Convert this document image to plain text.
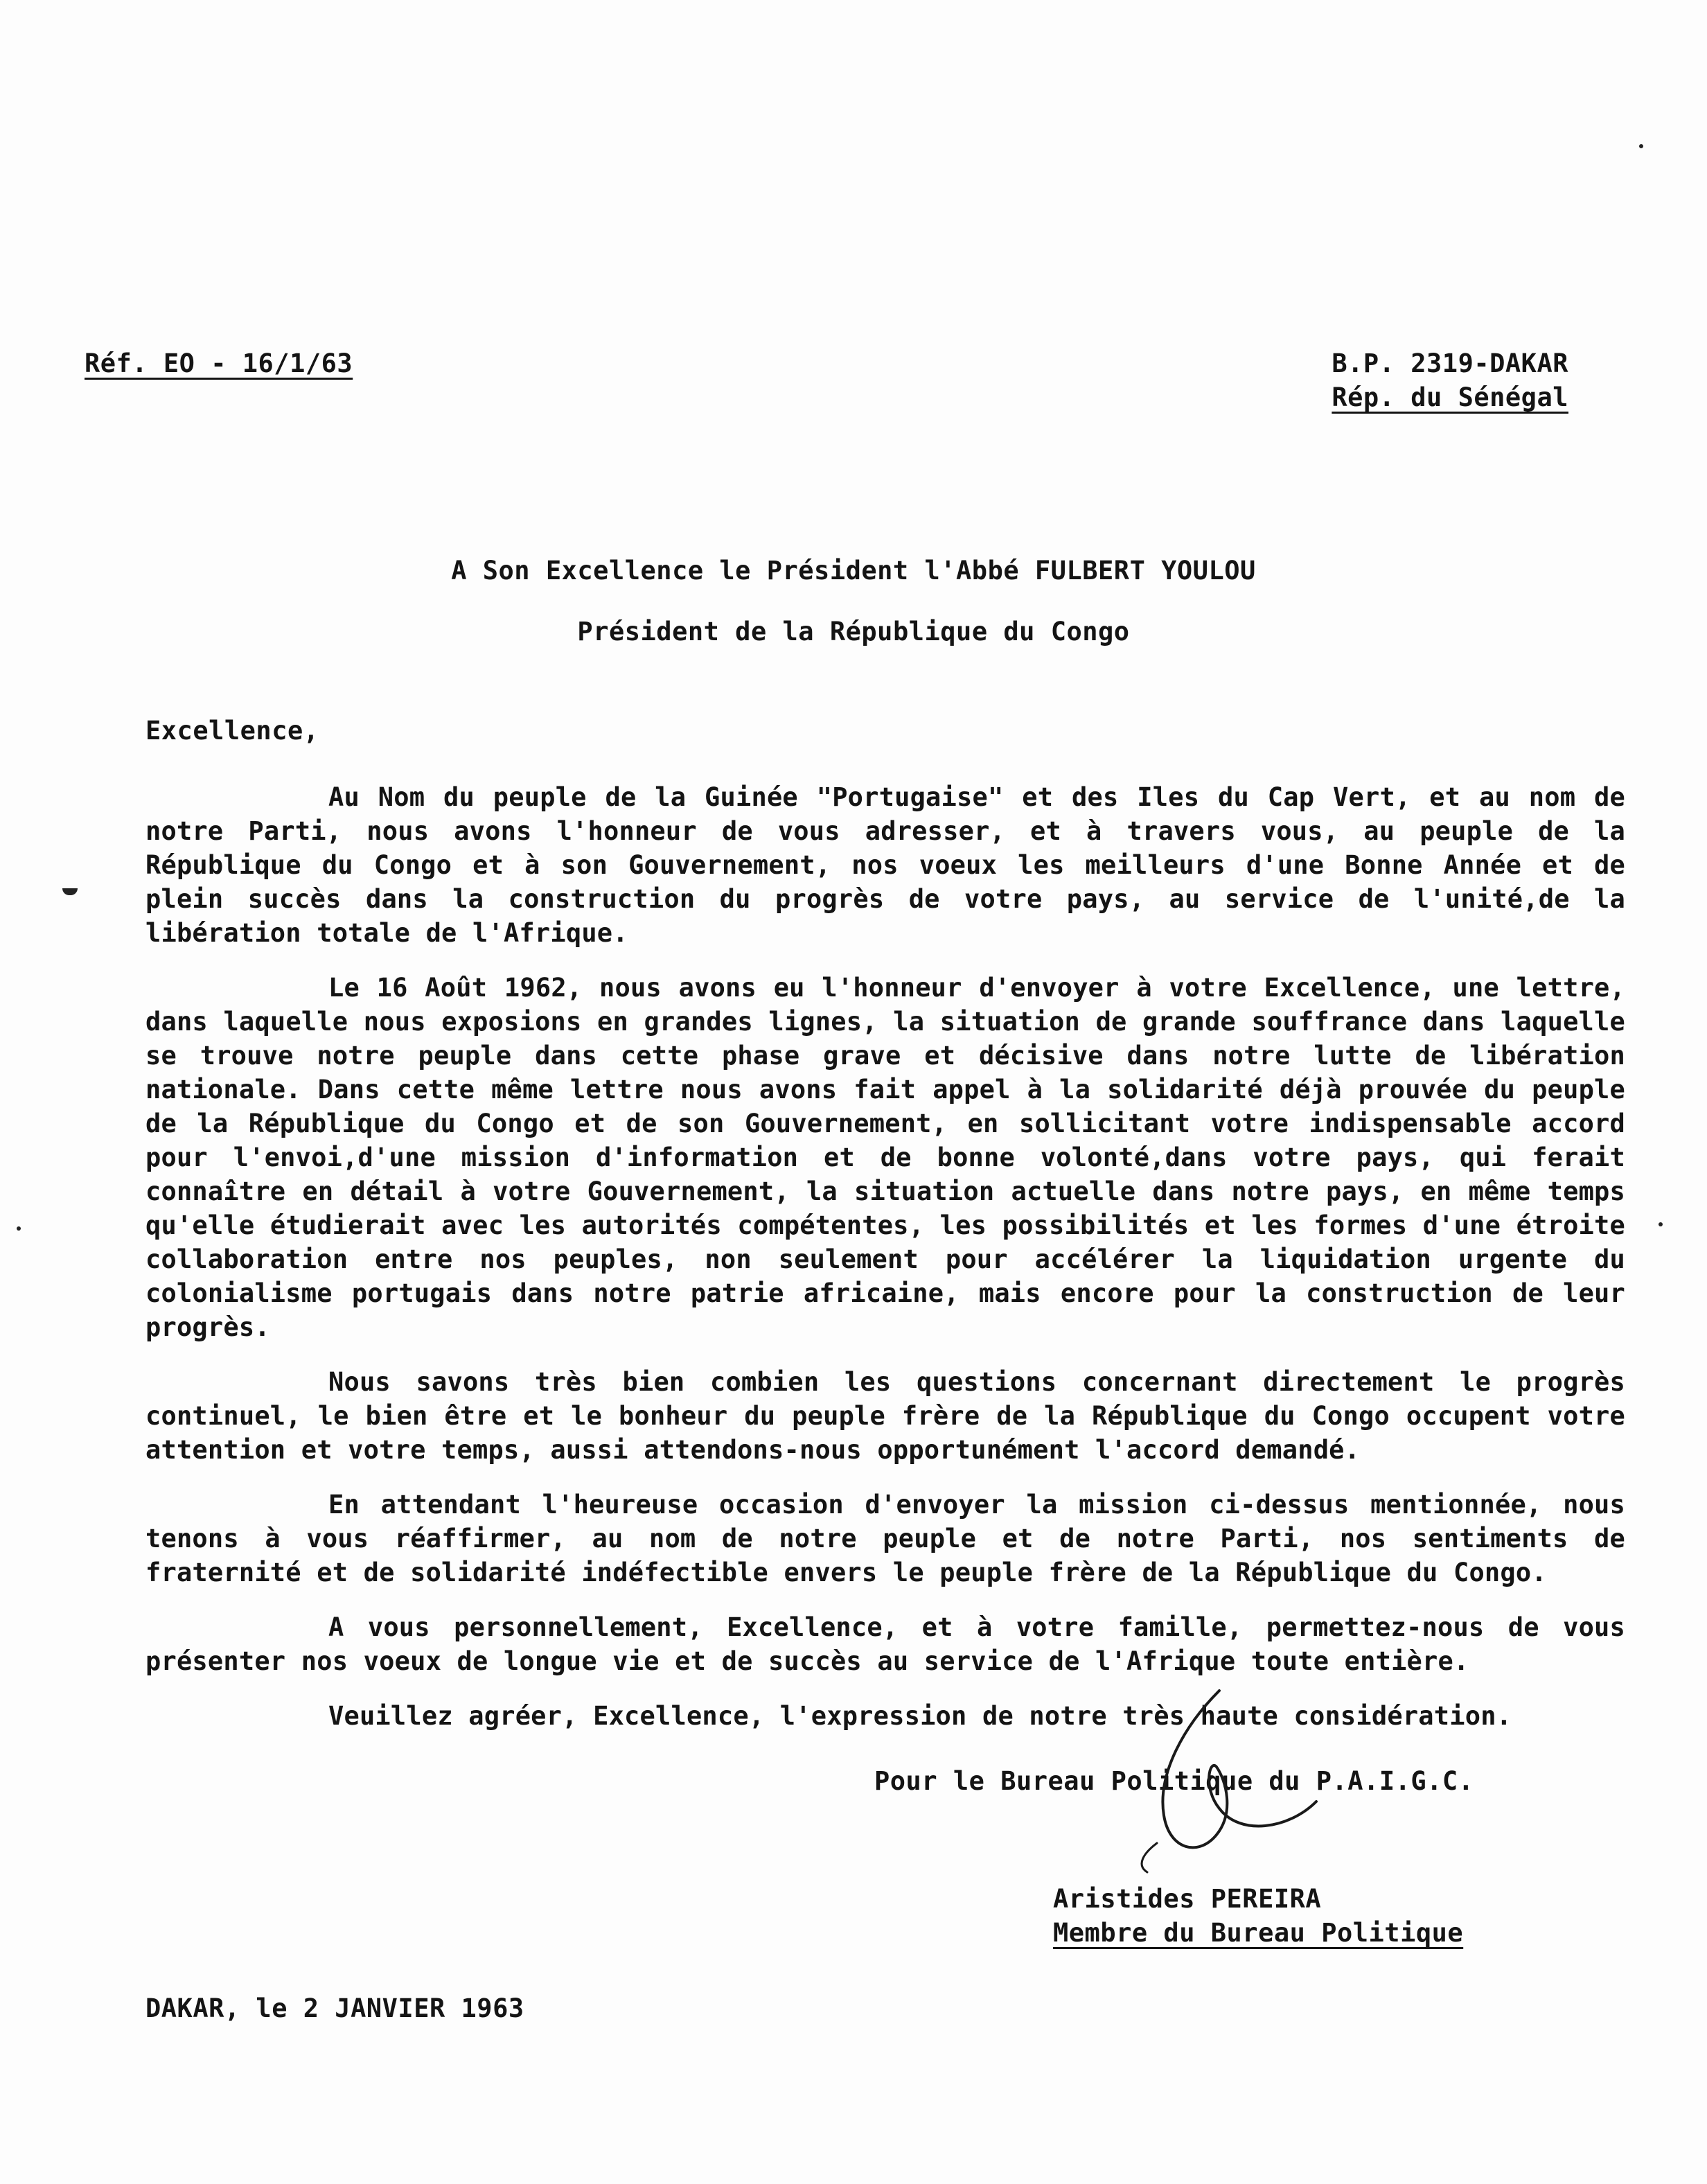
Réf. EO - 16/1/63	B.P. 2319-DAKAR
Rép. du Sénégal
A Son Excellence le Président l'Abbé FULBERT YOULOU
Président de la République du Congo
Excellence,

Au Nom du peuple de la Guinée "Portugaise" et des Iles du Cap Vert, et au nom de notre Parti, nous avons l'honneur de vous adresser, et à travers vous, au peuple de la République du Congo et à son Gouvernement, nos voeux les meilleurs d'une Bonne Année et de plein succès dans la construction du progrès de votre pays, au service de l'unité,de la libération totale de l'Afrique.

Le 16 Août 1962, nous avons eu l'honneur d'envoyer à votre Excellence, une lettre, dans laquelle nous exposions en grandes lignes, la situation de grande souffrance dans laquelle se trouve notre peuple dans cette phase grave et décisive dans notre lutte de libération nationale. Dans cette même lettre nous avons fait appel à la solidarité déjà prouvée du peuple de la République du Congo et de son Gouvernement, en sollicitant votre indispensable accord pour l'envoi,d'une mission d'information et de bonne volonté,dans votre pays, qui ferait connaître en détail à votre Gouvernement, la situation actuelle dans notre pays, en même temps qu'elle étudierait avec les autorités compétentes, les possibilités et les formes d'une étroite collaboration entre nos peuples, non seulement pour accélérer la liquidation urgente du colonialisme portugais dans notre patrie africaine, mais encore pour la construction de leur progrès.

Nous savons très bien combien les questions concernant directement le progrès continuel, le bien être et le bonheur du peuple frère de la République du Congo occupent votre attention et votre temps, aussi attendons-nous opportunément l'accord demandé.

En attendant l'heureuse occasion d'envoyer la mission ci-dessus mentionnée, nous tenons à vous réaffirmer, au nom de notre peuple et de notre Parti, nos sentiments de fraternité et de solidarité indéfectible envers le peuple frère de la République du Congo.

A vous personnellement, Excellence, et à votre famille, permettez-nous de vous présenter nos voeux de longue vie et de succès au service de l'Afrique toute entière.

Veuillez agréer, Excellence, l'expression de notre très haute considération.

Pour le Bureau Politique du P.A.I.G.C.
Aristides PEREIRA
Membre du Bureau Politique
DAKAR, le 2 JANVIER 1963
